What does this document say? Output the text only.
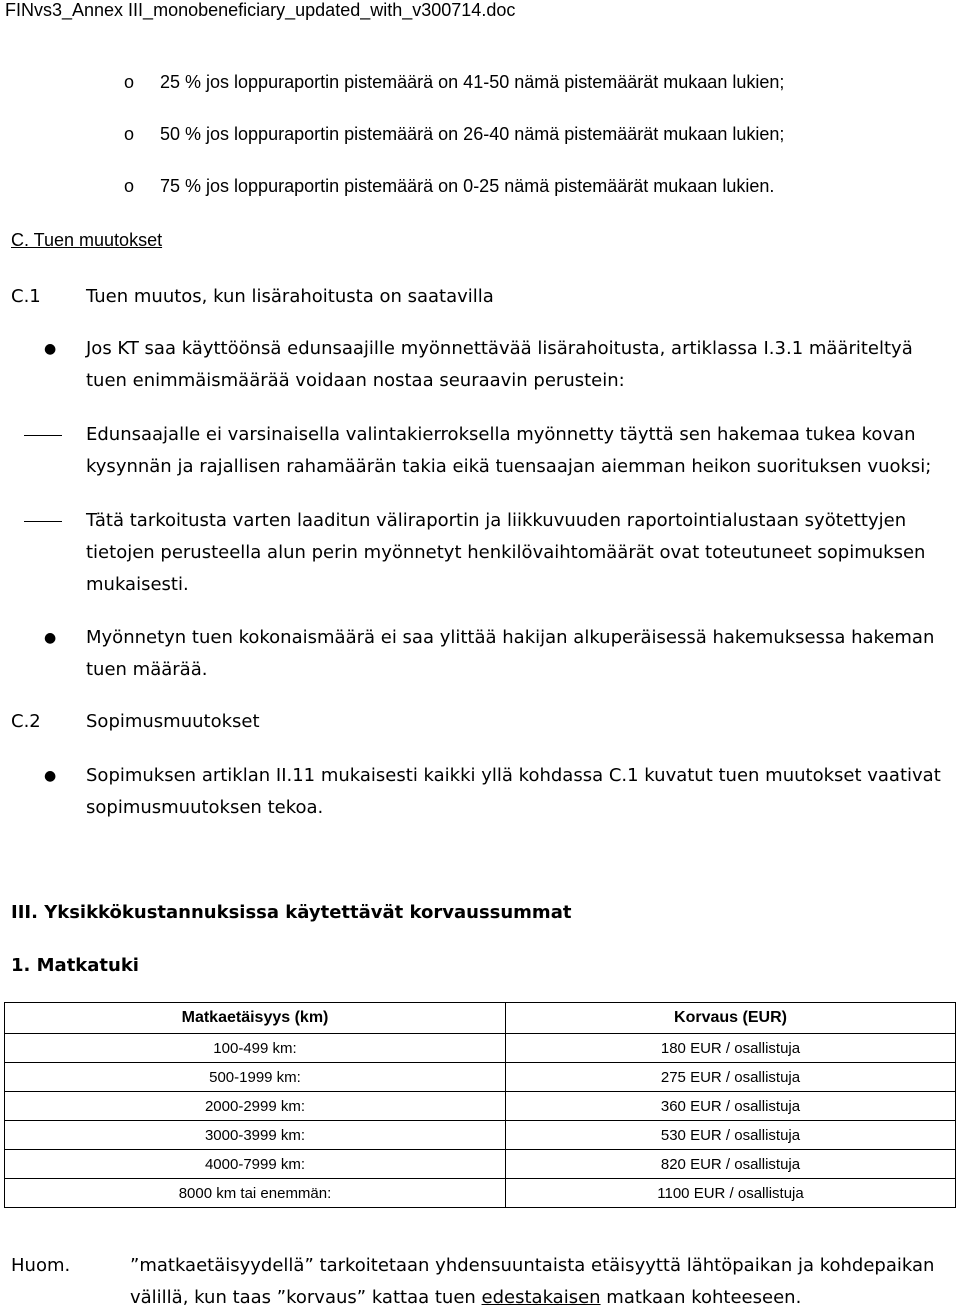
FINvs3_Annex III_monobeneficiary_updated_with_v300714.doc
o 25 % jos loppuraportin pistemäärä on 41-50 nämä pistemäärät mukaan lukien;
o 50 % jos loppuraportin pistemäärä on 26-40 nämä pistemäärät mukaan lukien;
o 75 % jos loppuraportin pistemäärä on 0-25 nämä pistemäärät mukaan lukien.
C. Tuen muutokset
C.1	Tuen muutos, kun lisärahoitusta on saatavilla
● Jos KT saa käyttöönsä edunsaajille myönnettävää lisärahoitusta, artiklassa I.3.1 määriteltyä tuen enimmäismäärää voidaan nostaa seuraavin perustein:
Edunsaajalle ei varsinaisella valintakierroksella myönnetty täyttä sen hakemaa tukea kovan kysynnän ja rajallisen rahamäärän takia eikä tuensaajan aiemman heikon suorituksen vuoksi;
Tätä tarkoitusta varten laaditun väliraportin ja liikkuvuuden raportointialustaan syötettyjen tietojen perusteella alun perin myönnetyt henkilövaihtomäärät ovat toteutuneet sopimuksen mukaisesti.
● Myönnetyn tuen kokonaismäärä ei saa ylittää hakijan alkuperäisessä hakemuksessa hakeman tuen määrää.
C.2	Sopimusmuutokset
● Sopimuksen artiklan II.11 mukaisesti kaikki yllä kohdassa C.1 kuvatut tuen muutokset vaativat sopimusmuutoksen tekoa.
III. Yksikkökustannuksissa käytettävät korvaussummat
1. Matkatuki
Matkaetäisyys (km)	Korvaus (EUR)
100-499 km:	180 EUR / osallistuja
500-1999 km:	275 EUR / osallistuja
2000-2999 km:	360 EUR / osallistuja
3000-3999 km:	530 EUR / osallistuja
4000-7999 km:	820 EUR / osallistuja
8000 km tai enemmän:	1100 EUR / osallistuja
Huom.	”matkaetäisyydellä” tarkoitetaan yhdensuuntaista etäisyyttä lähtöpaikan ja kohdepaikan välillä, kun taas ”korvaus” kattaa tuen edestakaisen matkaan kohteeseen.
